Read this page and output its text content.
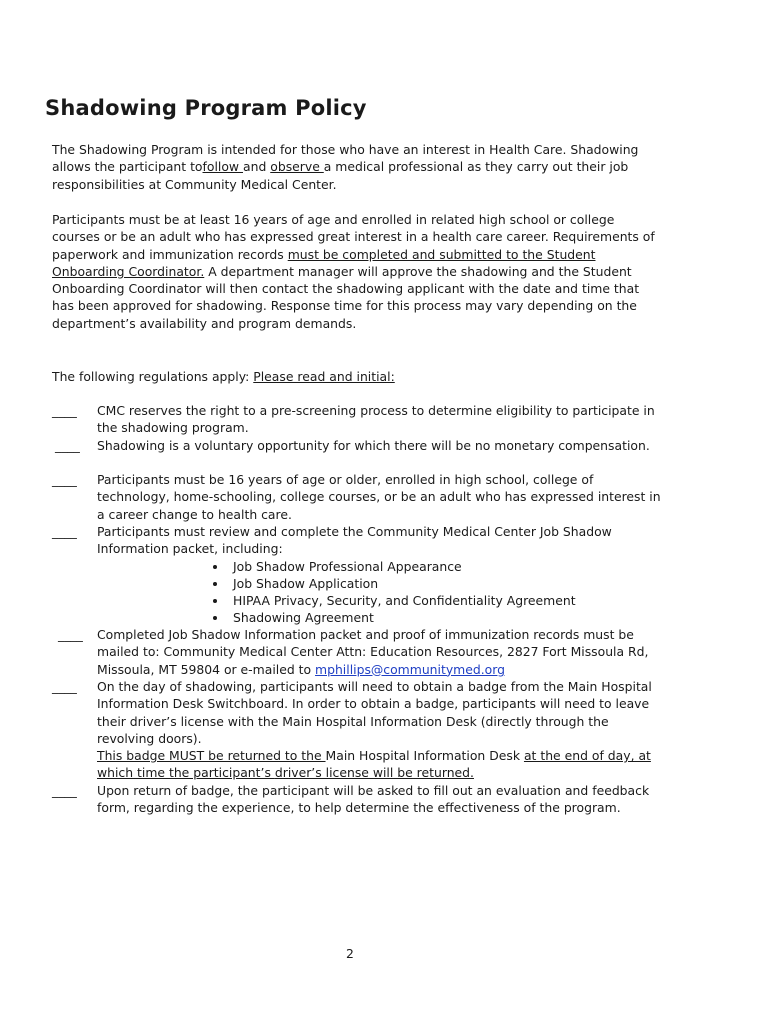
Shadowing Program Policy

The Shadowing Program is intended for those who have an interest in Health Care. Shadowing allows the participant tofollow and observe a medical professional as they carry out their job responsibilities at Community Medical Center.

Participants must be at least 16 years of age and enrolled in related high school or college courses or be an adult who has expressed great interest in a health care career. Requirements of paperwork and immunization records must be completed and submitted to the Student Onboarding Coordinator. A department manager will approve the shadowing and the Student Onboarding Coordinator will then contact the shadowing applicant with the date and time that has been approved for shadowing. Response time for this process may vary depending on the department’s availability and program demands.

The following regulations apply: Please read and initial:

____ CMC reserves the right to a pre-screening process to determine eligibility to participate in the shadowing program.

____ Shadowing is a voluntary opportunity for which there will be no monetary compensation.

____ Participants must be 16 years of age or older, enrolled in high school, college of technology, home-schooling, college courses, or be an adult who has expressed interest in a career change to health care.

____ Participants must review and complete the Community Medical Center Job Shadow Information packet, including:
Job Shadow Professional Appearance
Job Shadow Application
HIPAA Privacy, Security, and Confidentiality Agreement
Shadowing Agreement
____ Completed Job Shadow Information packet and proof of immunization records must be mailed to: Community Medical Center Attn: Education Resources, 2827 Fort Missoula Rd, Missoula, MT 59804 or e-mailed to mphillips@communitymed.org

____ On the day of shadowing, participants will need to obtain a badge from the Main Hospital Information Desk Switchboard. In order to obtain a badge, participants will need to leave their driver’s license with the Main Hospital Information Desk (directly through the revolving doors).
This badge MUST be returned to the Main Hospital Information Desk at the end of day, at which time the participant’s driver’s license will be returned.
____ Upon return of badge, the participant will be asked to fill out an evaluation and feedback form, regarding the experience, to help determine the effectiveness of the program.

2
